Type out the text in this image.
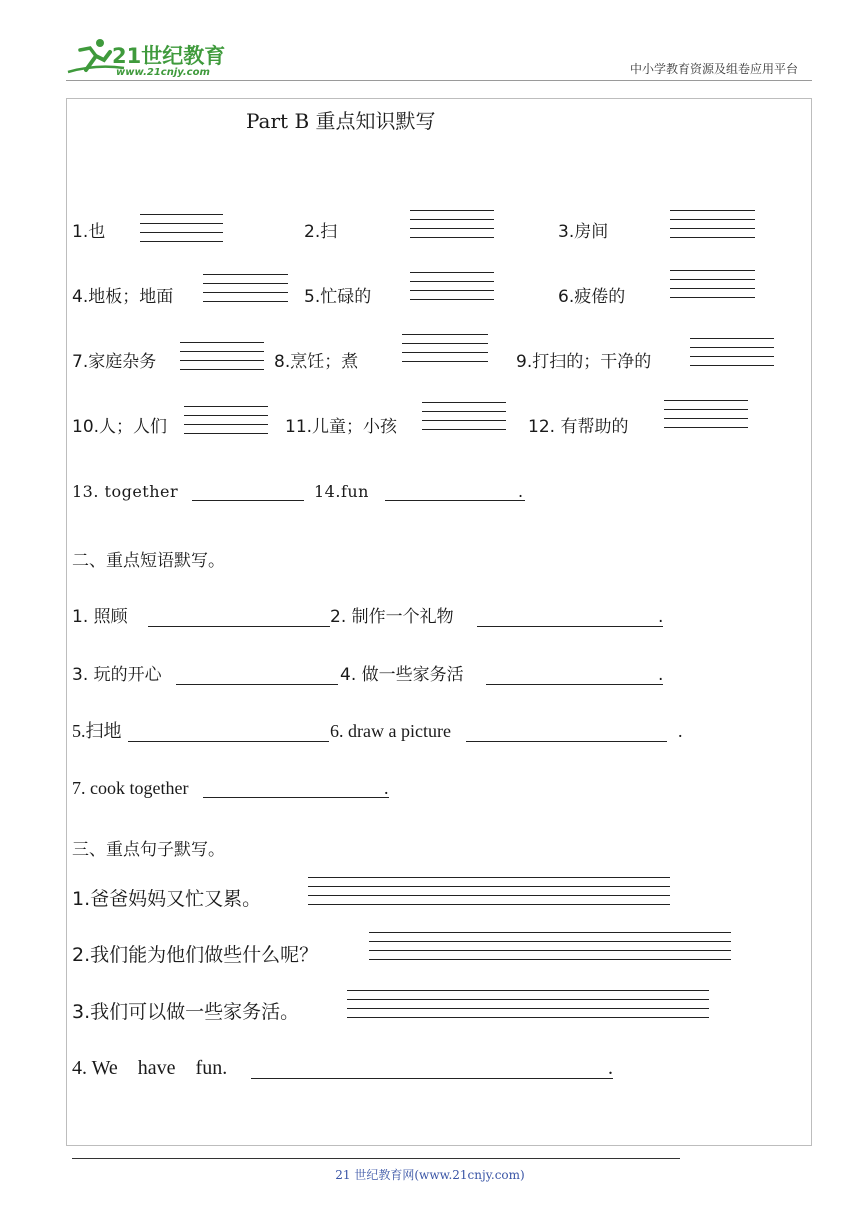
21世纪教育
www.21cnjy.com	中小学教育资源及组卷应用平台
Part B 重点知识默写
1.也	2.扫	3.房间
4.地板；地面	5.忙碌的	6.疲倦的
7.家庭杂务	8.烹饪；煮	9.打扫的；干净的
10.人；人们	11.儿童；小孩	12. 有帮助的
13. together	14.fun	.
二、重点短语默写。
1. 照顾	2. 制作一个礼物	.
3. 玩的开心	4. 做一些家务活	.
5.扫地	6. draw a picture	.
7. cook together	.
三、重点句子默写。
1.爸爸妈妈又忙又累。
2.我们能为他们做些什么呢？
3.我们可以做一些家务活。
4. We    have    fun.	.
21 世纪教育网(www.21cnjy.com)
